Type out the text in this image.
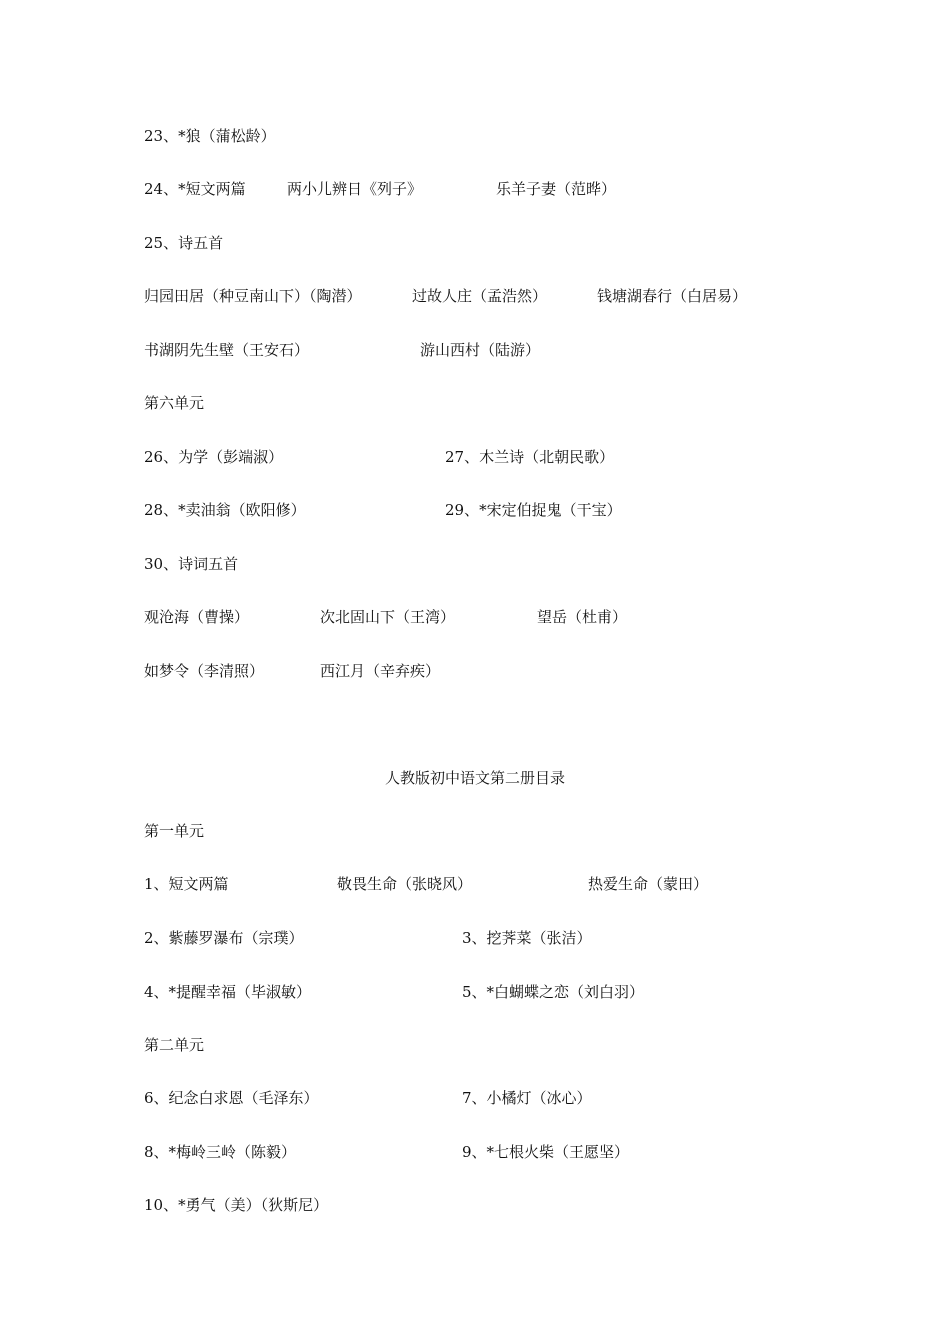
23、*狼（蒲松龄）
24、*短文两篇	两小儿辨日《列子》	乐羊子妻（范晔）
25、诗五首
归园田居（种豆南山下）（陶潜）	过故人庄（孟浩然）	钱塘湖春行（白居易）
书湖阴先生壁（王安石）	游山西村（陆游）
第六单元
26、为学（彭端淑）	27、木兰诗（北朝民歌）
28、*卖油翁（欧阳修）	29、*宋定伯捉鬼（干宝）
30、诗词五首
观沧海（曹操）	次北固山下（王湾）	望岳（杜甫）
如梦令（李清照）	西江月（辛弃疾）
人教版初中语文第二册目录
第一单元
1、短文两篇	敬畏生命（张晓风）	热爱生命（蒙田）
2、紫藤罗瀑布（宗璞）	3、挖荠菜（张洁）
4、*提醒幸福（毕淑敏）	5、*白蝴蝶之恋（刘白羽）
第二单元
6、纪念白求恩（毛泽东）	7、小橘灯（冰心）
8、*梅岭三岭（陈毅）	9、*七根火柴（王愿坚）
10、*勇气（美）（狄斯尼）
